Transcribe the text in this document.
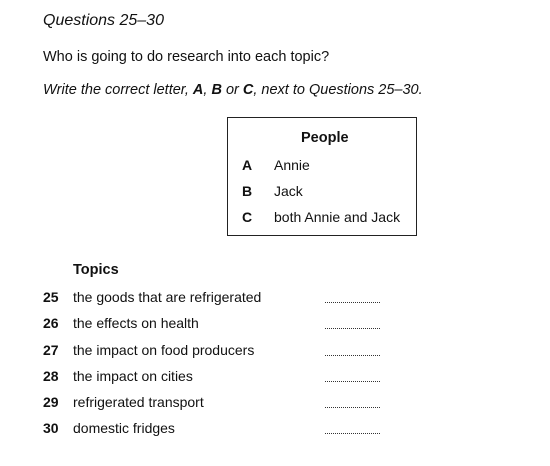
Questions 25–30
Who is going to do research into each topic?
Write the correct letter, A, B or C, next to Questions 25–30.
People
A	Annie
B	Jack
C	both Annie and Jack
Topics
25 the goods that are refrigerated
26 the effects on health
27 the impact on food producers
28 the impact on cities
29 refrigerated transport
30 domestic fridges
